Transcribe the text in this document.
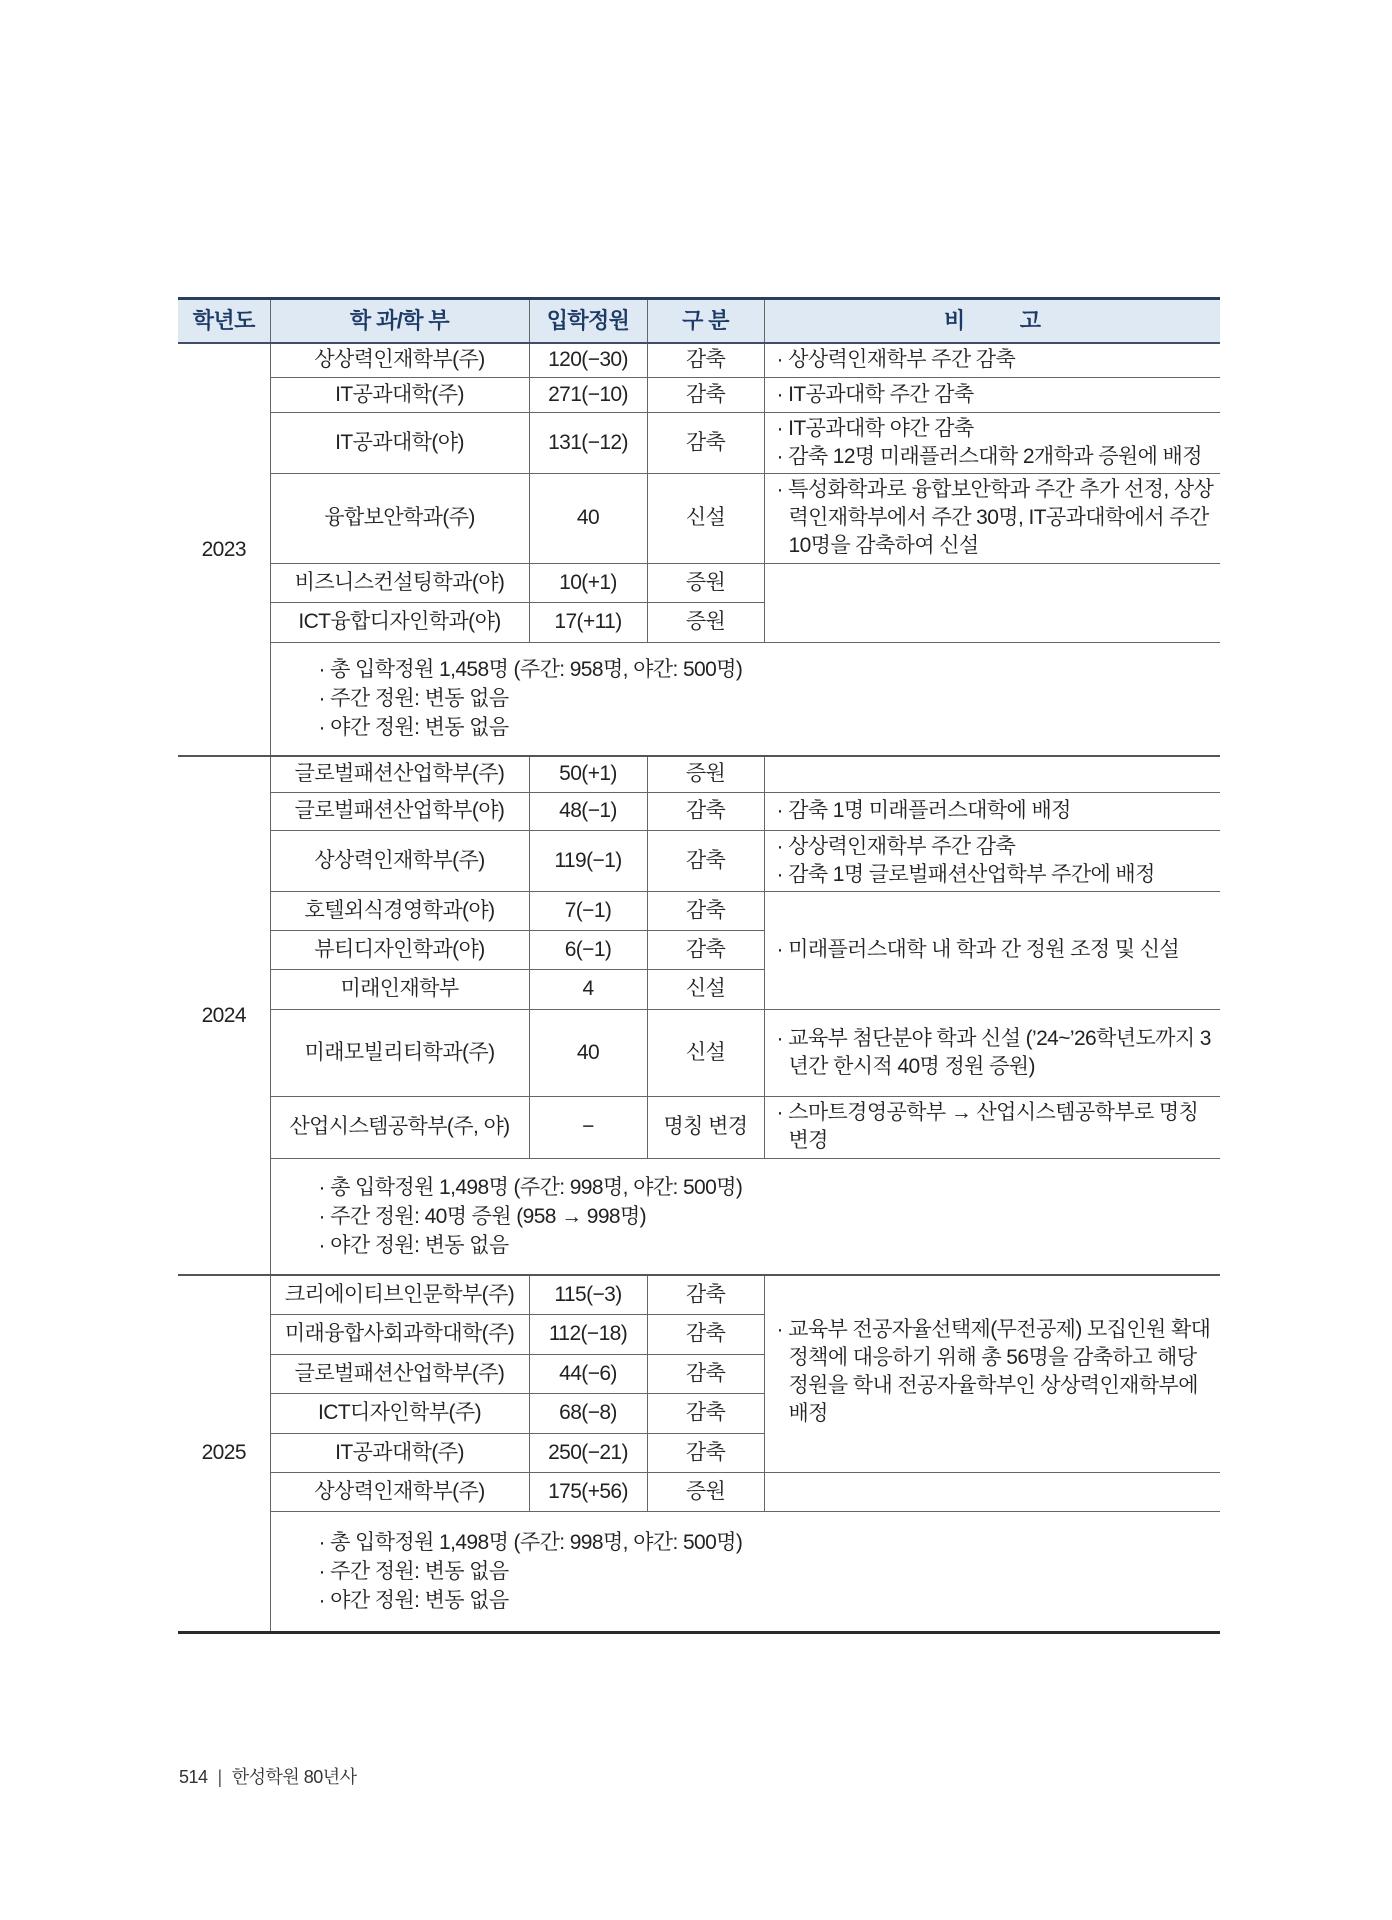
학년도	학 과/학 부	입학정원	구 분	비          고
2023	상상력인재학부(주)	120(−30)	감축	· 상상력인재학부 주간 감축

	IT공과대학(주)	271(−10)	감축	· IT공과대학 주간 감축

	IT공과대학(야)	131(−12)	감축	· IT공과대학 야간 감축
· 감축 12명 미래플러스대학 2개학과 증원에 배정

	융합보안학과(주)	40	신설	· 특성화학과로 융합보안학과 주간 추가 선정, 상상력인재학부에서 주간 30명, IT공과대학에서 주간 10명을 감축하여 신설

	비즈니스컨설팅학과(야)	10(+1)	증원	
	ICT융합디자인학과(야)	17(+11)	증원	

	· 총 입학정원 1,458명 (주간: 958명, 야간: 500명)
· 주간 정원: 변동 없음
· 야간 정원: 변동 없음			

2024	글로벌패션산업학부(주)	50(+1)	증원	
	글로벌패션산업학부(야)	48(−1)	감축	· 감축 1명 미래플러스대학에 배정

	상상력인재학부(주)	119(−1)	감축	· 상상력인재학부 주간 감축
· 감축 1명 글로벌패션산업학부 주간에 배정

	호텔외식경영학과(야)	7(−1)	감축	· 미래플러스대학 내 학과 간 정원 조정 및 신설

	뷰티디자인학과(야)	6(−1)	감축	
	미래인재학부	4	신설	
	미래모빌리티학과(주)	40	신설	· 교육부 첨단분야 학과 신설 (’24~’26학년도까지 3년간 한시적 40명 정원 증원)

	산업시스템공학부(주, 야)	−	명칭 변경	· 스마트경영공학부 → 산업시스템공학부로 명칭 변경

	· 총 입학정원 1,498명 (주간: 998명, 야간: 500명)
· 주간 정원: 40명 증원 (958 → 998명)
· 야간 정원: 변동 없음			

2025	크리에이티브인문학부(주)	115(−3)	감축	· 교육부 전공자율선택제(무전공제) 모집인원 확대정책에 대응하기 위해 총 56명을 감축하고 해당 정원을 학내 전공자율학부인 상상력인재학부에 배정

	미래융합사회과학대학(주)	112(−18)	감축	
	글로벌패션산업학부(주)	44(−6)	감축	
	ICT디자인학부(주)	68(−8)	감축	
	IT공과대학(주)	250(−21)	감축	
	상상력인재학부(주)	175(+56)	증원	

	· 총 입학정원 1,498명 (주간: 998명, 야간: 500명)
· 주간 정원: 변동 없음
· 야간 정원: 변동 없음			
514 | 한성학원 80년사
